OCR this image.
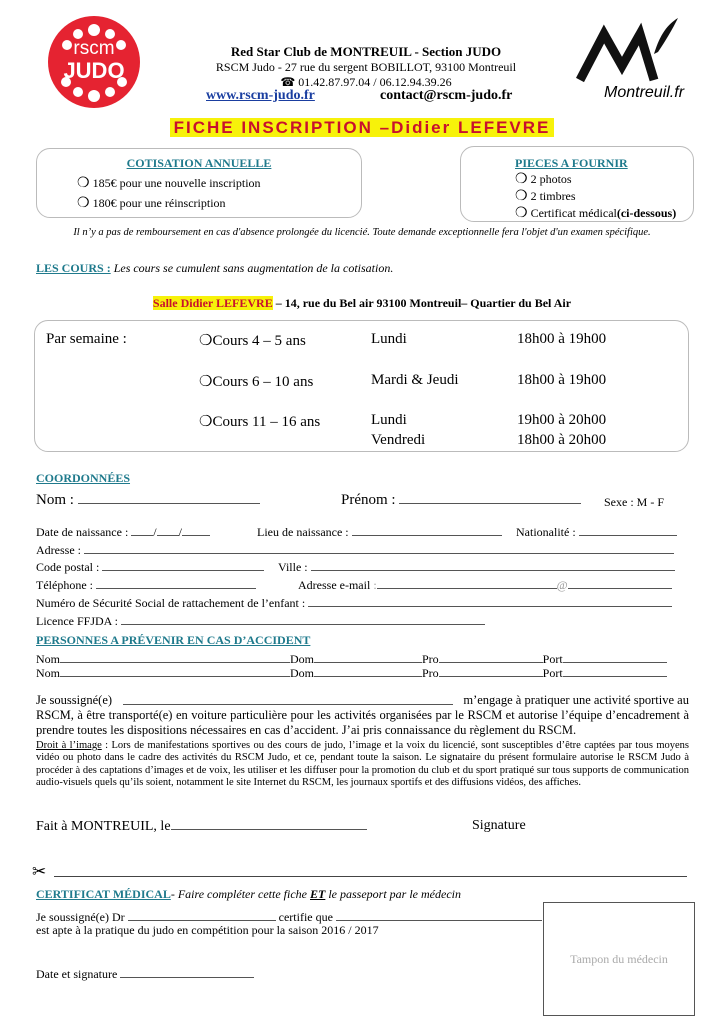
rscm
JUDO
Red Star Club de MONTREUIL - Section JUDO
RSCM Judo - 27 rue du sergent BOBILLOT, 93100 Montreuil
☎ 01.42.87.97.04 / 06.12.94.39.26
www.rscm-judo.fr	contact@rscm-judo.fr	Montreuil.fr
FICHE INSCRIPTION –Didier LEFEVRE
COTISATION ANNUELLE
❍ 185€ pour une nouvelle inscription
❍ 180€ pour une réinscription
PIECES A FOURNIR
❍ 2 photos
❍ 2 timbres
❍ Certificat médical(ci-dessous)
Il n’y a pas de remboursement en cas d'absence prolongée du licencié. Toute demande exceptionnelle fera l'objet d'un examen spécifique.
LES COURS : Les cours se cumulent sans augmentation de la cotisation.
Salle Didier LEFEVRE – 14, rue du Bel air 93100 Montreuil– Quartier du Bel Air
Par semaine :	❍Cours 4 – 5 ans	Lundi	18h00 à 19h00
❍Cours 6 – 10 ans	Mardi & Jeudi	18h00 à 19h00
❍Cours 11 – 16 ans	Lundi	19h00 à 20h00
Vendredi	18h00 à 20h00
COORDONNÉES
Nom :	Prénom :	Sexe : M - F
Date de naissance : / /	Lieu de naissance :	Nationalité :
Adresse :
Code postal :	Ville :
Téléphone :	Adresse e-mail :	@
Numéro de Sécurité Social de rattachement de l’enfant :
Licence FFJDA :
PERSONNES A PRÉVENIR EN CAS D’ACCIDENT
Nom	Dom	Pro	Port
Nom	Dom	Pro	Port
Je soussigné(e)	m’engage à pratiquer une activité sportive au
RSCM, à être transporté(e) en voiture particulière pour les activités organisées par le RSCM et autorise l’équipe d’encadrement à prendre toutes les dispositions nécessaires en cas d’accident. J’ai pris connaissance du règlement du RSCM.
Droit à l’image : Lors de manifestations sportives ou des cours de judo, l’image et la voix du licencié, sont susceptibles d’être captées par tous moyens vidéo ou photo dans le cadre des activités du RSCM Judo, et ce, pendant toute la saison. Le signataire du présent formulaire autorise le RSCM Judo à procéder à des captations d’images et de voix, les utiliser et les diffuser pour la promotion du club et du sport pratiqué sur tous supports de communication audio-visuels quels qu’ils soient, notamment le site Internet du RSCM, les journaux sportifs et des diffusions vidéos, des affiches.
Fait à MONTREUIL, le	Signature
✂
CERTIFICAT MÉDICAL- Faire compléter cette fiche ET le passeport par le médecin
Je soussigné(e) Dr	certifie que
est apte à la pratique du judo en compétition pour la saison 2016 / 2017
Date et signature
Tampon du médecin
